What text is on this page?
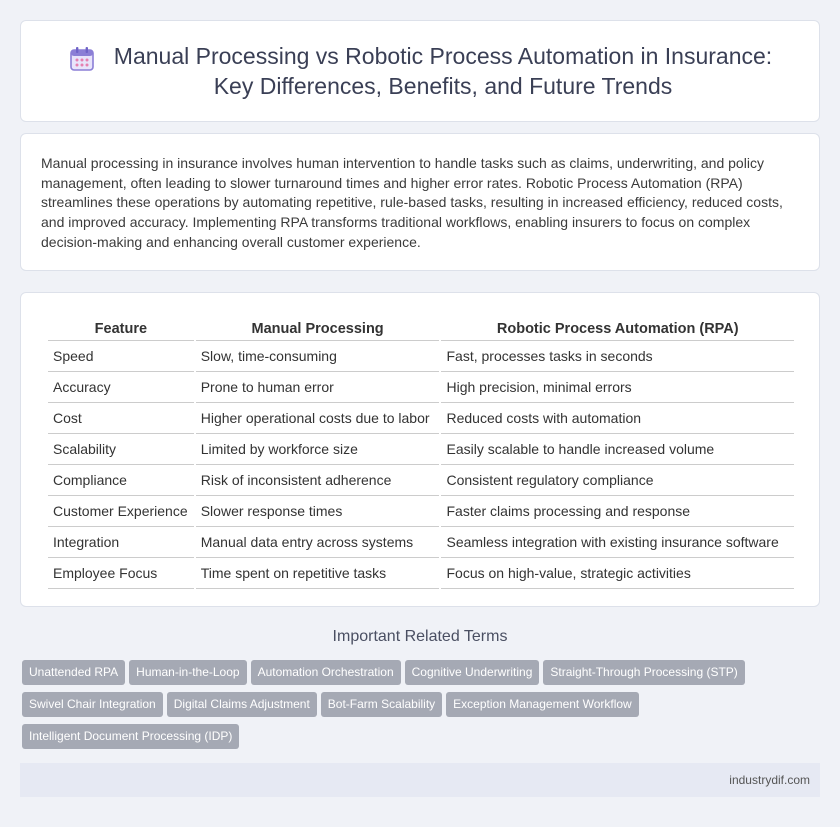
Manual Processing vs Robotic Process Automation in Insurance:
Key Differences, Benefits, and Future Trends

Manual processing in insurance involves human intervention to handle tasks such as claims, underwriting, and policy management, often leading to slower turnaround times and higher error rates. Robotic Process Automation (RPA) streamlines these operations by automating repetitive, rule-based tasks, resulting in increased efficiency, reduced costs, and improved accuracy. Implementing RPA transforms traditional workflows, enabling insurers to focus on complex decision-making and enhancing overall customer experience.

Feature	Manual Processing	Robotic Process Automation (RPA)
Speed	Slow, time-consuming	Fast, processes tasks in seconds
Accuracy	Prone to human error	High precision, minimal errors
Cost	Higher operational costs due to labor	Reduced costs with automation
Scalability	Limited by workforce size	Easily scalable to handle increased volume
Compliance	Risk of inconsistent adherence	Consistent regulatory compliance
Customer Experience	Slower response times	Faster claims processing and response
Integration	Manual data entry across systems	Seamless integration with existing insurance software
Employee Focus	Time spent on repetitive tasks	Focus on high-value, strategic activities
Important Related Terms
Unattended RPA	Human-in-the-Loop	Automation Orchestration	Cognitive Underwriting	Straight-Through Processing (STP)
Swivel Chair Integration	Digital Claims Adjustment	Bot-Farm Scalability	Exception Management Workflow
Intelligent Document Processing (IDP)
industrydif.com
